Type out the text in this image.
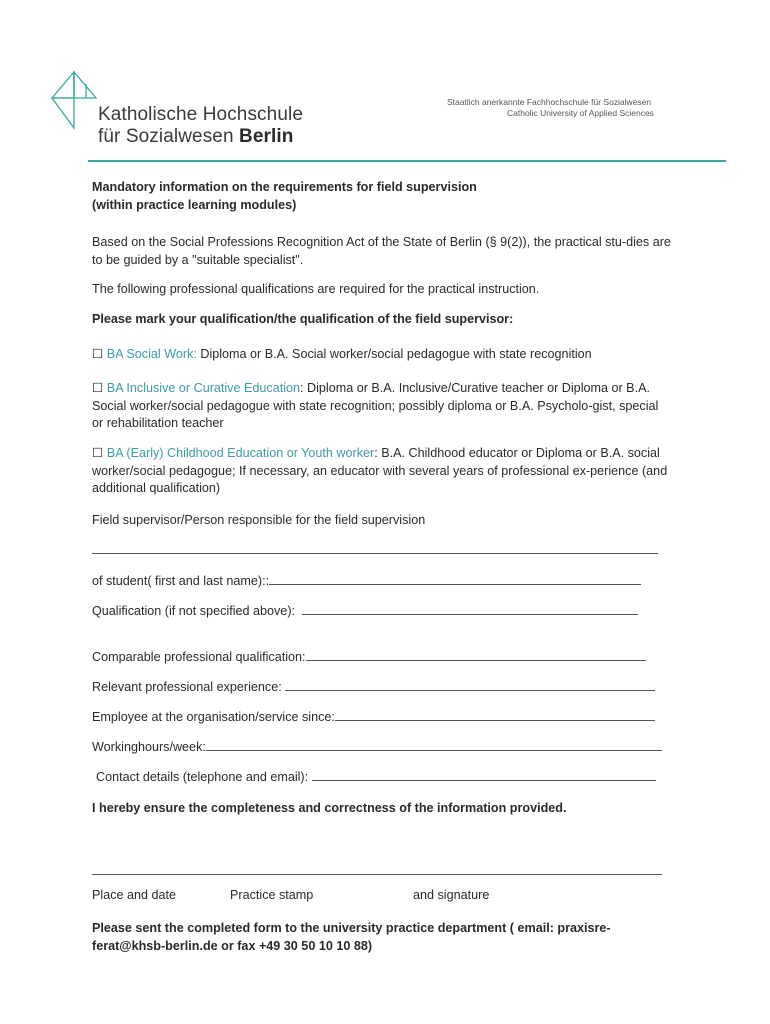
Katholische Hochschule
für Sozialwesen Berlin
Staatlich anerkannte Fachhochschule für Sozialwesen
Catholic University of Applied Sciences
Mandatory information on the requirements for field supervision
(within practice learning modules)
Based on the Social Professions Recognition Act of the State of Berlin (§ 9(2)), the practical stu-dies are to be guided by a "suitable specialist".
The following professional qualifications are required for the practical instruction.
Please mark your qualification/the qualification of the field supervisor:
☐ BA Social Work: Diploma or B.A. Social worker/social pedagogue with state recognition
☐ BA Inclusive or Curative Education: Diploma or B.A. Inclusive/Curative teacher or Diploma or B.A. Social worker/social pedagogue with state recognition; possibly diploma or B.A. Psycholo-gist, special or rehabilitation teacher
☐ BA (Early) Childhood Education or Youth worker: B.A. Childhood educator or Diploma or B.A. social worker/social pedagogue; If necessary, an educator with several years of professional ex-perience (and additional qualification)
Field supervisor/Person responsible for the field supervision
of student( first and last name)::
Qualification (if not specified above):
Comparable professional qualification:
Relevant professional experience:
Employee at the organisation/service since:
Workinghours/week:
Contact details (telephone and email):
I hereby ensure the completeness and correctness of the information provided.
Place and date	Practice stamp	and signature
Please sent the completed form to the university practice department ( email: praxisre-
ferat@khsb-berlin.de or fax +49 30 50 10 10 88)
